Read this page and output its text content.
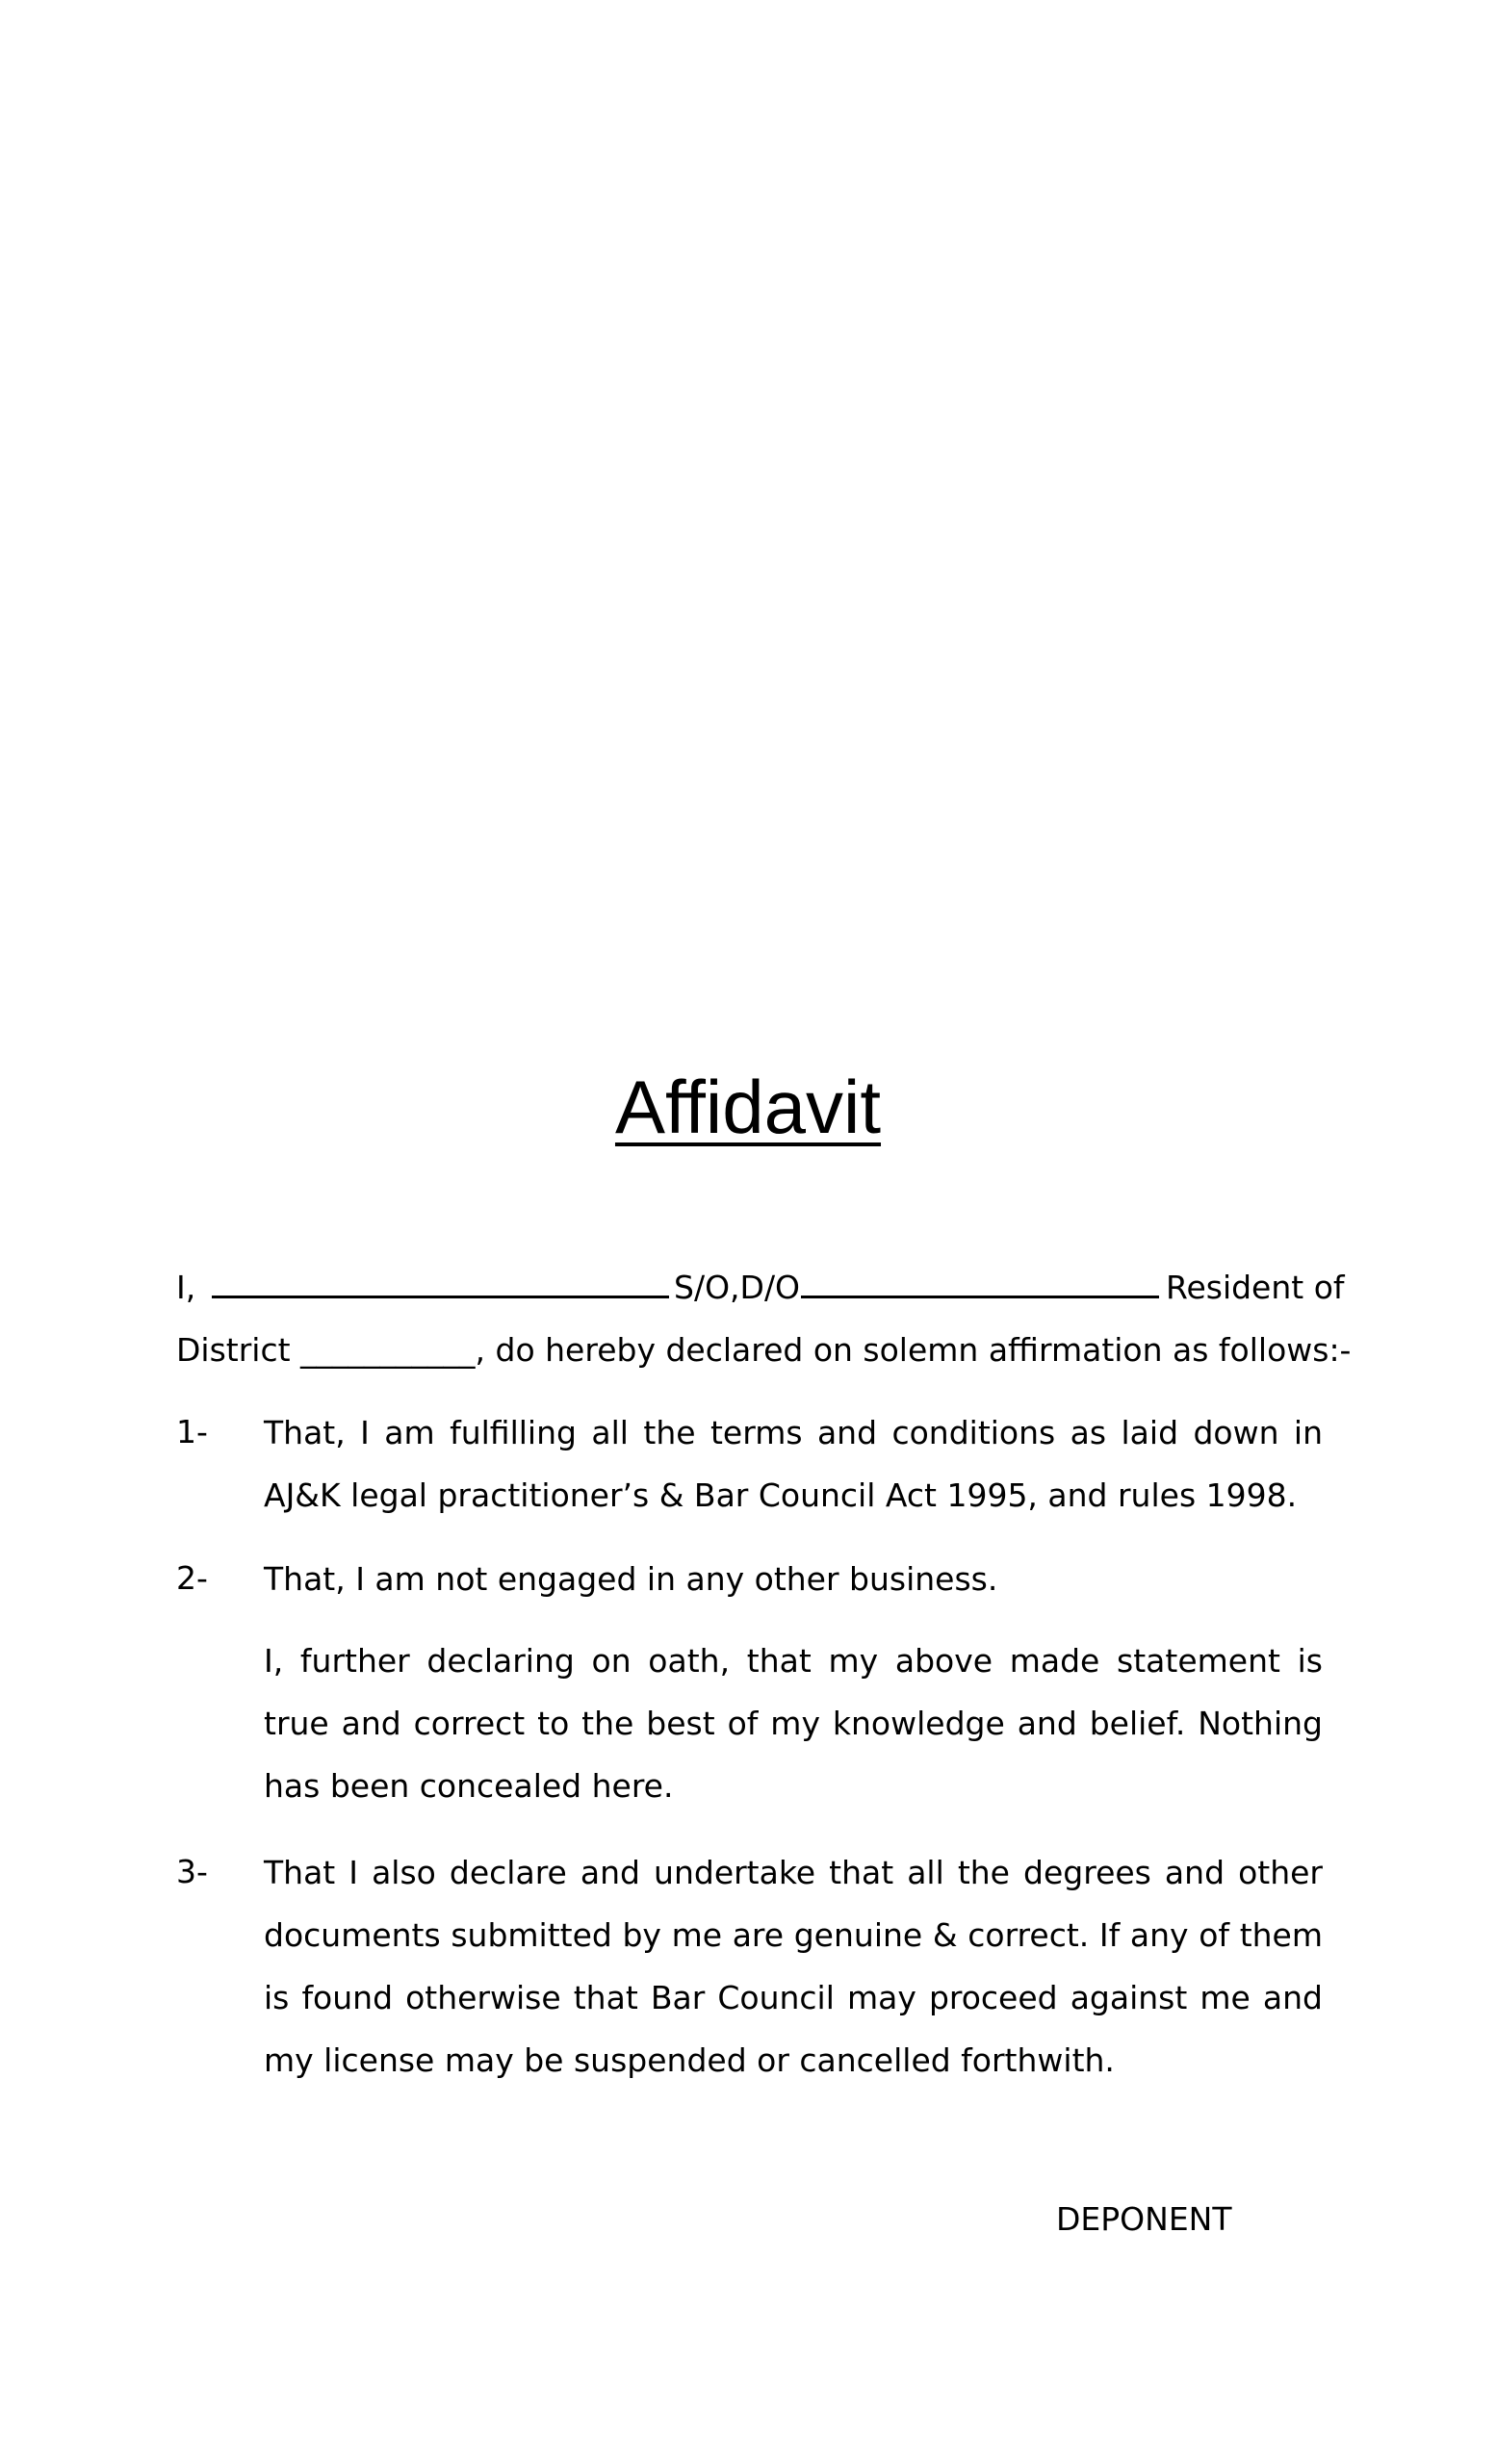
Affidavit
I,	S/O,D/O	Resident of
District ___________, do hereby declared on solemn affirmation as follows:-
1- That, I am fulfilling all the terms and conditions as laid down in AJ&K legal practitioner’s & Bar Council Act 1995, and rules 1998.
2- That, I am not engaged in any other business.
I, further declaring on oath, that my above made statement is true and correct to the best of my knowledge and belief. Nothing has been concealed here.
3- That I also declare and undertake that all the degrees and other documents submitted by me are genuine & correct. If any of them is found otherwise that Bar Council may proceed against me and my license may be suspended or cancelled forthwith.
DEPONENT
